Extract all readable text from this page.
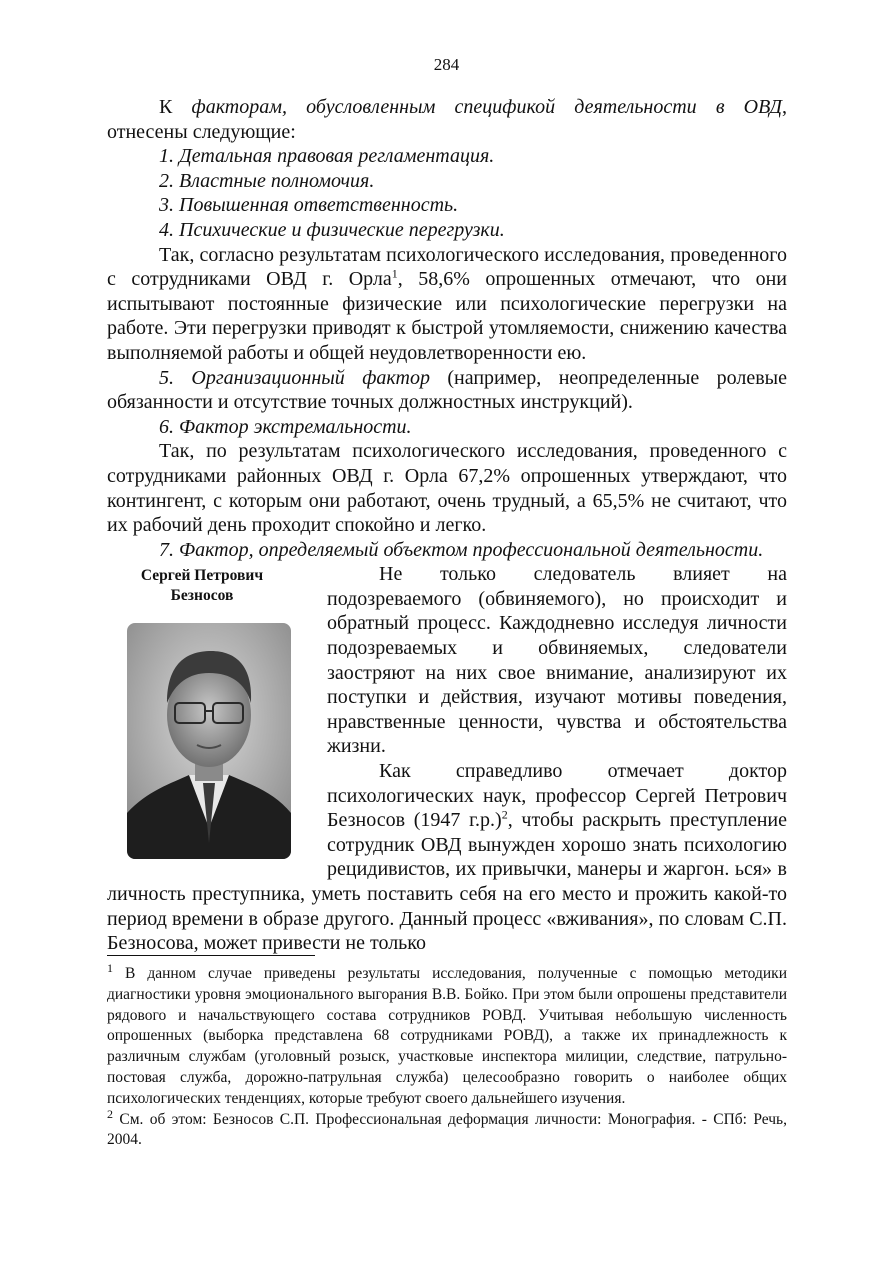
284

К факторам, обусловленным спецификой деятельности в ОВД, отнесены следующие:

1. Детальная правовая регламентация.

2. Властные полномочия.

3. Повышенная ответственность.

4. Психические и физические перегрузки.

Так, согласно результатам психологического исследования, проведенного с сотрудниками ОВД г. Орла$^1$, 58,6% опрошенных отмечают, что они испытывают постоянные физические или психологические перегрузки на работе. Эти перегрузки приводят к быстрой утомляемости, снижению качества выполняемой работы и общей неудовлетворенности ею.

5. Организационный фактор (например, неопределенные ролевые обязанности и отсутствие точных должностных инструкций).

6. Фактор экстремальности.

Так, по результатам психологического исследования, проведенного с сотрудниками районных ОВД г. Орла 67,2% опрошенных утверждают, что контингент, с которым они работают, очень трудный, а 65,5% не считают, что их рабочий день проходит спокойно и легко.

7. Фактор, определяемый объектом профессиональной деятельности.

Сергей Петрович
Безносов

Не только следователь влияет на подозреваемого (обвиняемого), но происходит и обратный процесс. Каждодневно исследуя личности подозреваемых и обвиняемых, следователи заостряют на них свое внимание, анализируют их поступки и действия, изучают мотивы поведения, нравственные ценности, чувства и обстоятельства жизни.

Как справедливо отмечает доктор психологических наук, профессор Сергей Петрович Безносов (1947 г.р.)$^2$, чтобы раскрыть преступление сотрудник ОВД вынужден хорошо знать психологию рецидивистов, их привычки, манеры и жаргон. ься» в личность преступника, уметь поставить себя на его место и прожить какой-то период времени в образе другого. Данный процесс «вживания», по словам С.П. Безносова, может привести не только

$^1$ В данном случае приведены результаты исследования, полученные с помощью методики диагностики уровня эмоционального выгорания В.В. Бойко. При этом были опрошены представители рядового и начальствующего состава сотрудников РОВД. Учитывая небольшую численность опрошенных (выборка представлена 68 сотрудниками РОВД), а также их принадлежность к различным службам (уголовный розыск, участковые инспектора милиции, следствие, патрульно-постовая служба, дорожно-патрульная служба) целесообразно говорить о наиболее общих психологических тенденциях, которые требуют своего дальнейшего изучения.

$^2$ См. об этом: Безносов С.П. Профессиональная деформация личности: Монография. - СПб: Речь, 2004.
